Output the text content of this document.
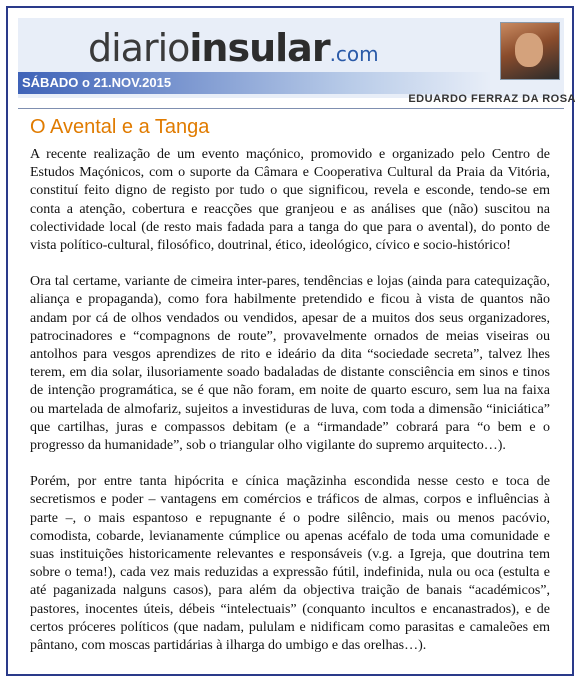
diarioinsular.com
SÁBADO o 21.NOV.2015
EDUARDO FERRAZ DA ROSA
O Avental e a Tanga

A recente realização de um evento maçónico, promovido e organizado pelo Centro de Estudos Maçónicos, com o suporte da Câmara e Cooperativa Cultural da Praia da Vitória, constituí feito digno de registo por tudo o que significou, revela e esconde, tendo-se em conta a atenção, cobertura e reacções que granjeou e as análises que (não) suscitou na colectividade local (de resto mais fadada para a tanga do que para o avental), do ponto de vista político-cultural, filosófico, doutrinal, ético, ideológico, cívico e socio-histórico!

Ora tal certame, variante de cimeira inter-pares, tendências e lojas (ainda para catequização, aliança e propaganda), como fora habilmente pretendido e ficou à vista de quantos não andam por cá de olhos vendados ou vendidos, apesar de a muitos dos seus organizadores, patrocinadores e “compagnons de route”, provavelmente ornados de meias viseiras ou antolhos para vesgos aprendizes de rito e ideário da dita “sociedade secreta”, talvez lhes terem, em dia solar, ilusoriamente soado badaladas de distante consciência em sinos e tinos de intenção programática, se é que não foram, em noite de quarto escuro, sem lua na faixa ou martelada de almofariz, sujeitos a investiduras de luva, com toda a dimensão “iniciática” que cartilhas, juras e compassos debitam (e a “irmandade” cobrará para “o bem e o progresso da humanidade”, sob o triangular olho vigilante do supremo arquitecto…).

Porém, por entre tanta hipócrita e cínica maçãzinha escondida nesse cesto e toca de secretismos e poder – vantagens em comércios e tráficos de almas, corpos e influências à parte –, o mais espantoso e repugnante é o podre silêncio, mais ou menos pacóvio, comodista, cobarde, levianamente cúmplice ou apenas acéfalo de toda uma comunidade e suas instituições historicamente relevantes e responsáveis (v.g. a Igreja, que doutrina tem sobre o tema!), cada vez mais reduzidas a expressão fútil, indefinida, nula ou oca (estulta e até paganizada nalguns casos), para além da objectiva traição de banais “académicos”, pastores, inocentes úteis, débeis “intelectuais” (conquanto incultos e encanastrados), e de certos próceres políticos (que nadam, pululam e nidificam como parasitas e camaleões em pântano, com moscas partidárias à ilharga do umbigo e das orelhas…).
